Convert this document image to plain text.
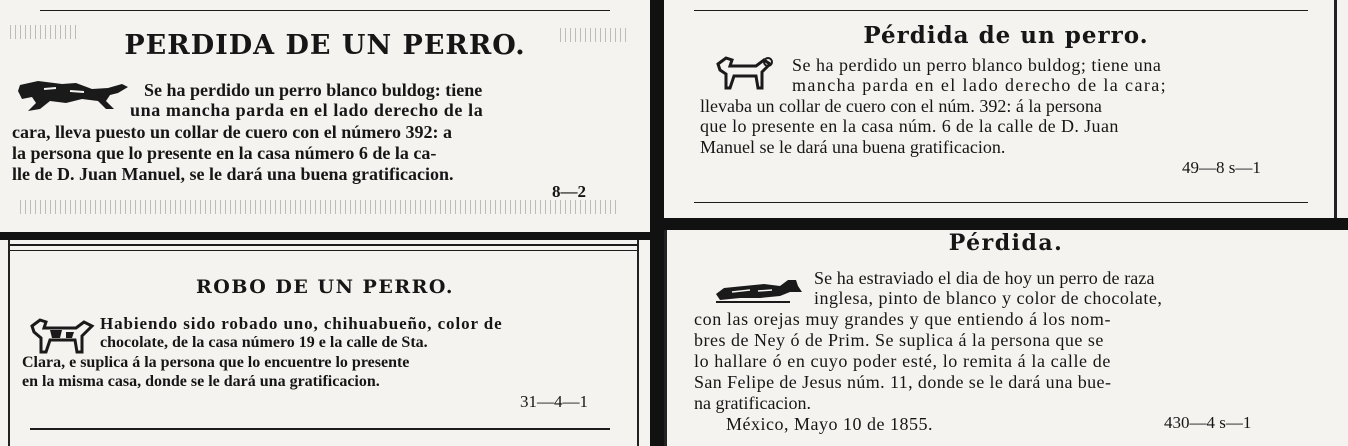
PERDIDA DE UN PERRO.
Se ha perdido un perro blanco buldog: tiene
una mancha parda en el lado derecho de la
cara, lleva puesto un collar de cuero con el número 392: a
la persona que lo presente en la casa número 6 de la ca-
lle de D. Juan Manuel, se le dará una buena gratificacion.
8—2
Pérdida de un perro.
Se ha perdido un perro blanco buldog; tiene una
mancha parda en el lado derecho de la cara;
llevaba un collar de cuero con el núm. 392: á la persona
que lo presente en la casa núm. 6 de la calle de D. Juan
Manuel se le dará una buena gratificacion.
49—8 s—1
ROBO DE UN PERRO.
Habiendo sido robado uno, chihuabueño, color de
chocolate, de la casa número 19 e la calle de Sta.
Clara, e suplica á la persona que lo encuentre lo presente
en la misma casa, donde se le dará una gratificacion.
31—4—1
Pérdida.
Se ha estraviado el dia de hoy un perro de raza
inglesa, pinto de blanco y color de chocolate,
con las orejas muy grandes y que entiendo á los nom-
bres de Ney ó de Prim. Se suplica á la persona que se
lo hallare ó en cuyo poder esté, lo remita á la calle de
San Felipe de Jesus núm. 11, donde se le dará una bue-
na gratificacion.
México, Mayo 10 de 1855.	430—4 s—1
